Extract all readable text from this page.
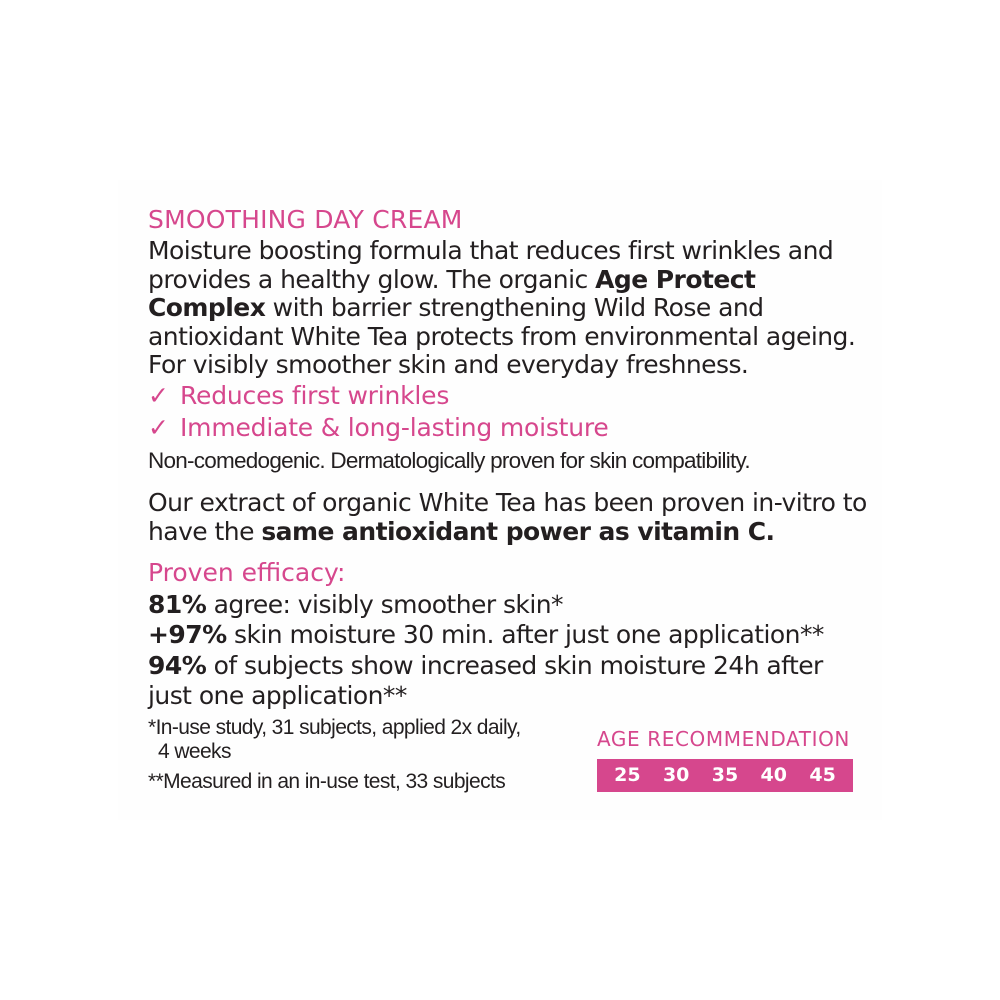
SMOOTHING DAY CREAM
Moisture boosting formula that reduces first wrinkles and provides a healthy glow. The organic Age Protect Complex with barrier strengthening Wild Rose and antioxidant White Tea protects from environmental ageing. For visibly smoother skin and everyday freshness.
✓ Reduces first wrinkles
✓ Immediate & long-lasting moisture
Non-comedogenic. Dermatologically proven for skin compatibility.
Our extract of organic White Tea has been proven in-vitro to have the same antioxidant power as vitamin C.
Proven efficacy:
81% agree: visibly smoother skin*
+97% skin moisture 30 min. after just one application**
94% of subjects show increased skin moisture 24h after just one application**
*In-use study, 31 subjects, applied 2x daily,
4 weeks
**Measured in an in-use test, 33 subjects
AGE RECOMMENDATION
25	30	35	40	45
